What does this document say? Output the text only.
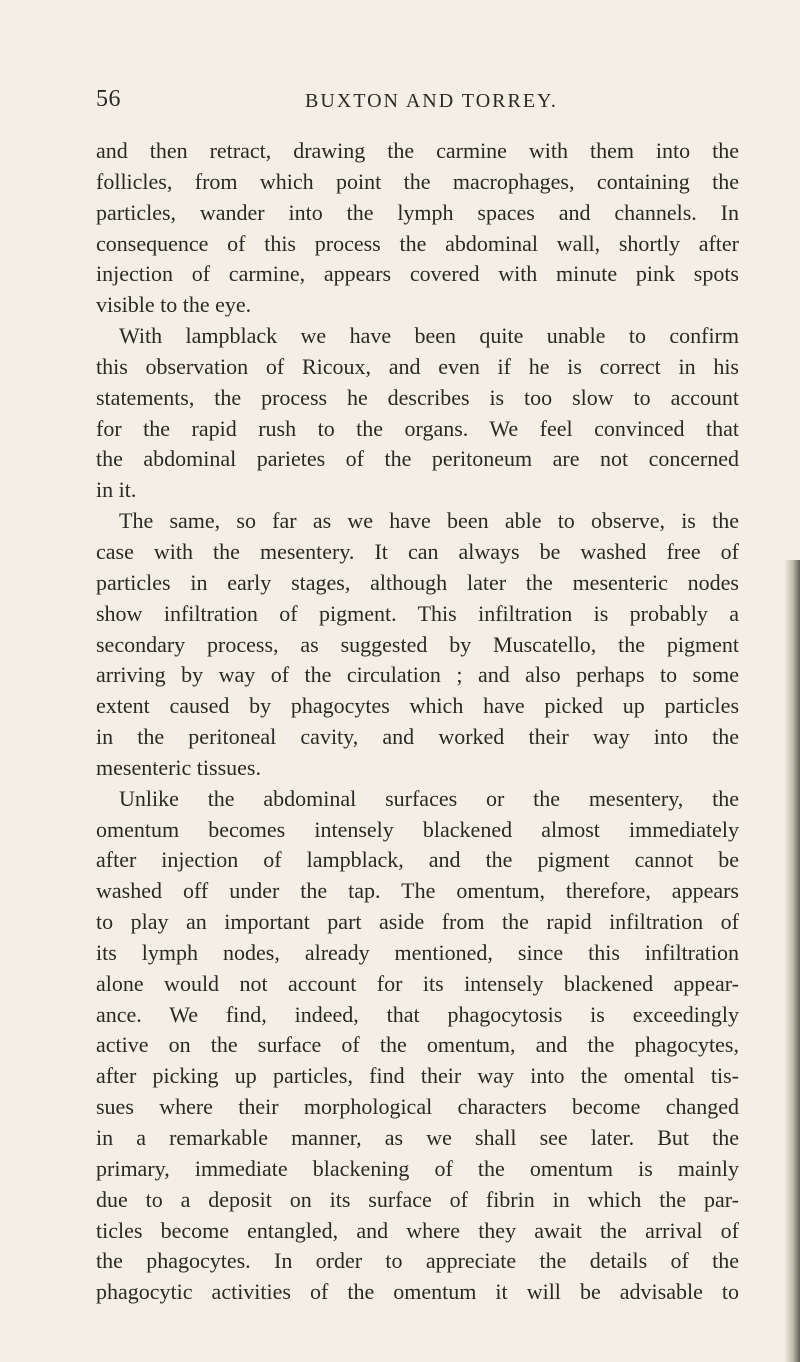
56	BUXTON AND TORREY.
and then retract, drawing the carmine with them into the
follicles, from which point the macrophages, containing the
particles, wander into the lymph spaces and channels. In
consequence of this process the abdominal wall, shortly after
injection of carmine, appears covered with minute pink spots
visible to the eye.
With lampblack we have been quite unable to confirm
this observation of Ricoux, and even if he is correct in his
statements, the process he describes is too slow to account
for the rapid rush to the organs. We feel convinced that
the abdominal parietes of the peritoneum are not concerned
in it.
The same, so far as we have been able to observe, is the
case with the mesentery. It can always be washed free of
particles in early stages, although later the mesenteric nodes
show infiltration of pigment. This infiltration is probably a
secondary process, as suggested by Muscatello, the pigment
arriving by way of the circulation ; and also perhaps to some
extent caused by phagocytes which have picked up particles
in the peritoneal cavity, and worked their way into the
mesenteric tissues.
Unlike the abdominal surfaces or the mesentery, the
omentum becomes intensely blackened almost immediately
after injection of lampblack, and the pigment cannot be
washed off under the tap. The omentum, therefore, appears
to play an important part aside from the rapid infiltration of
its lymph nodes, already mentioned, since this infiltration
alone would not account for its intensely blackened appear-
ance. We find, indeed, that phagocytosis is exceedingly
active on the surface of the omentum, and the phagocytes,
after picking up particles, find their way into the omental tis-
sues where their morphological characters become changed
in a remarkable manner, as we shall see later. But the
primary, immediate blackening of the omentum is mainly
due to a deposit on its surface of fibrin in which the par-
ticles become entangled, and where they await the arrival of
the phagocytes. In order to appreciate the details of the
phagocytic activities of the omentum it will be advisable to
